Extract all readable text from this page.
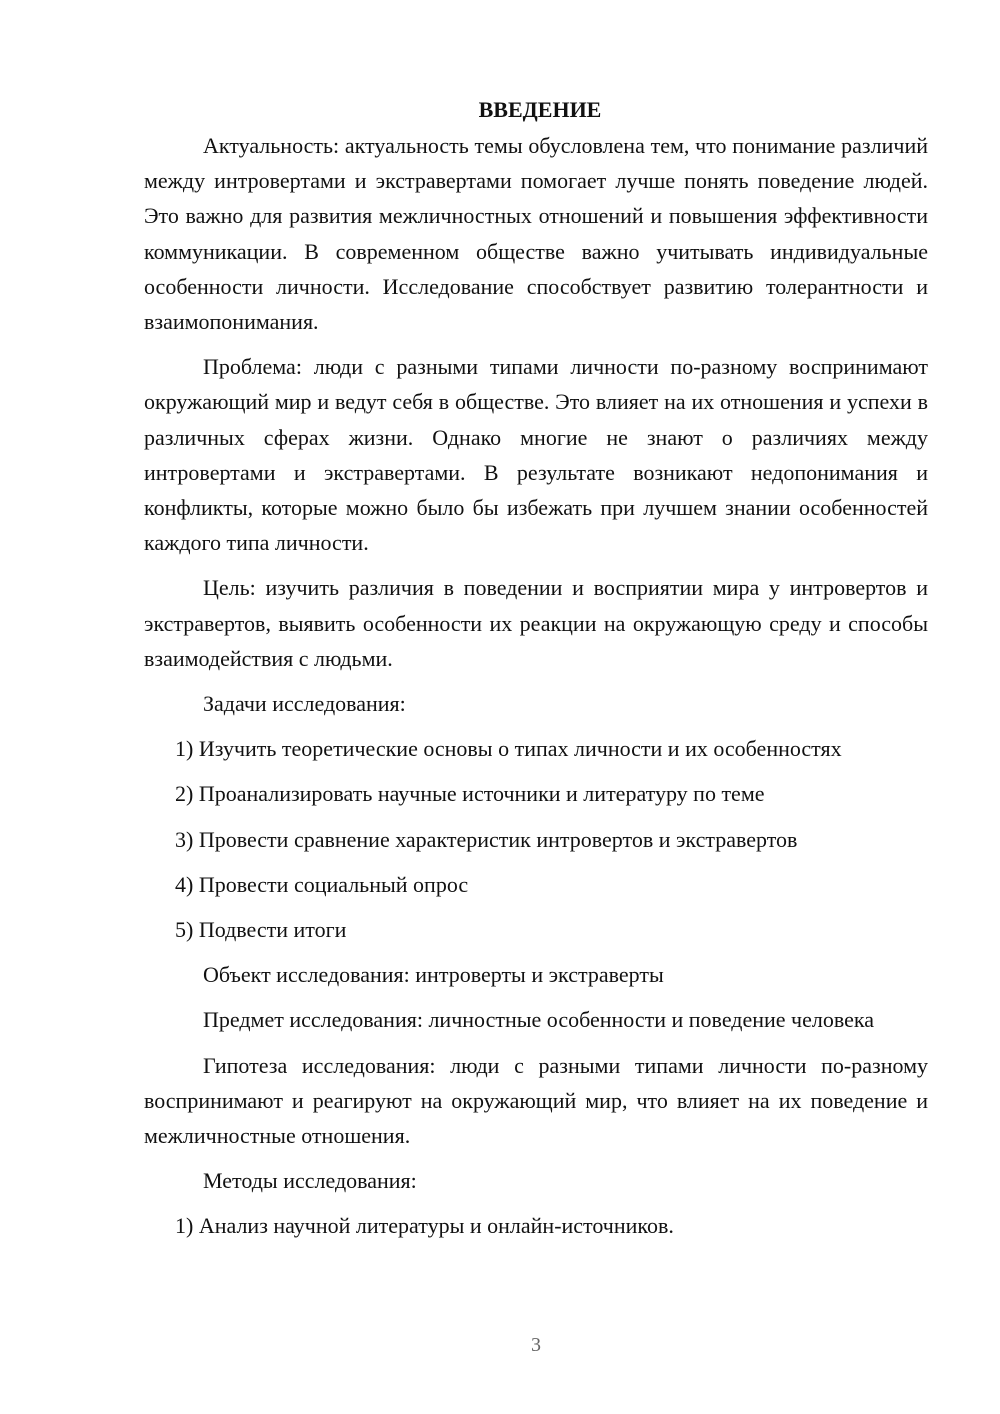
ВВЕДЕНИЕ

Актуальность: актуальность темы обусловлена тем, что понимание различий между интровертами и экстравертами помогает лучше понять поведение людей. Это важно для развития межличностных отношений и повышения эффективности коммуникации. В современном обществе важно учитывать индивидуальные особенности личности. Исследование способствует развитию толерантности и взаимопонимания.

Проблема: люди с разными типами личности по-разному воспринимают окружающий мир и ведут себя в обществе. Это влияет на их отношения и успехи в различных сферах жизни. Однако многие не знают о различиях между интровертами и экстравертами. В результате возникают недопонимания и конфликты, которые можно было бы избежать при лучшем знании особенностей каждого типа личности.

Цель: изучить различия в поведении и восприятии мира у интровертов и экстравертов, выявить особенности их реакции на окружающую среду и способы взаимодействия с людьми.

Задачи исследования:

1) Изучить теоретические основы о типах личности и их особенностях

2) Проанализировать научные источники и литературу по теме

3) Провести сравнение характеристик интровертов и экстравертов

4) Провести социальный опрос

5) Подвести итоги

Объект исследования: интроверты и экстраверты

Предмет исследования: личностные особенности и поведение человека

Гипотеза исследования: люди с разными типами личности по-разному воспринимают и реагируют на окружающий мир, что влияет на их поведение и межличностные отношения.

Методы исследования:

1) Анализ научной литературы и онлайн-источников.

3
